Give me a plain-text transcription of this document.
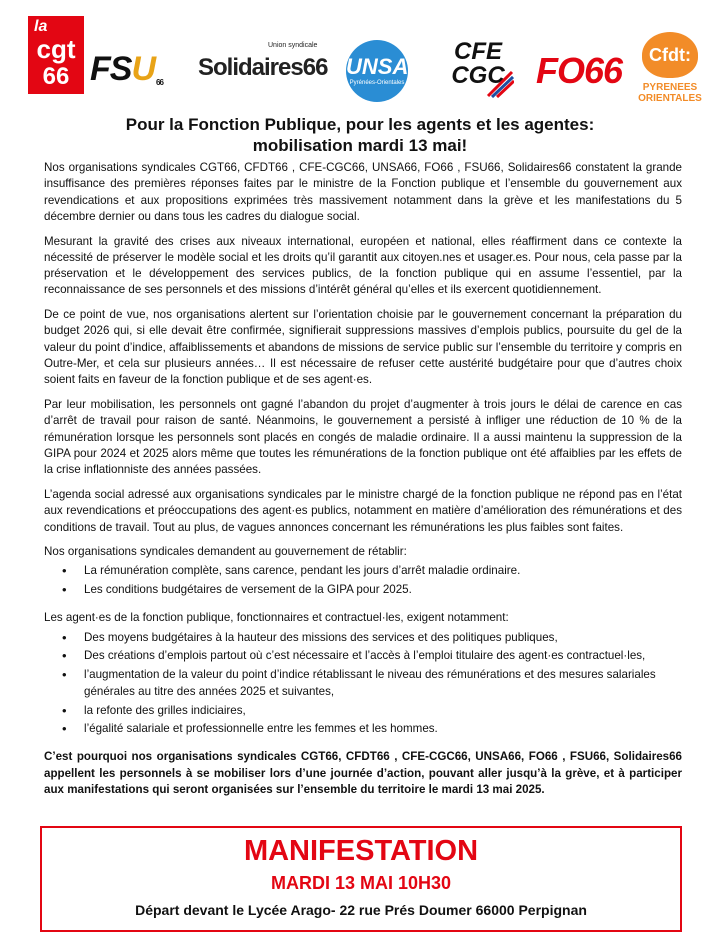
la
cgt
66 FSU 66
Union syndicale
Solidaires66 UNSA
Pyrénées-Orientales
CFE CGC FO66	Cfdt:
PYRENEES ORIENTALES
Pour la Fonction Publique, pour les agents et les agentes:
mobilisation mardi 13 mai!

Nos organisations syndicales CGT66, CFDT66 , CFE-CGC66, UNSA66, FO66 , FSU66, Solidaires66 constatent la grande insuffisance des premières réponses faites par le ministre de la Fonction publique et l’ensemble du gouvernement aux revendications et aux propositions exprimées très massivement notamment dans la grève et les manifestations du 5 décembre dernier ou dans tous les cadres du dialogue social.

Mesurant la gravité des crises aux niveaux international, européen et national, elles réaffirment dans ce contexte la nécessité de préserver le modèle social et les droits qu’il garantit aux citoyen.nes et usager.es. Pour nous, cela passe par la préservation et le développement des services publics, de la fonction publique qui en assume l’essentiel, par la reconnaissance de ses personnels et des missions d’intérêt général qu’elles et ils exercent quotidiennement.

De ce point de vue, nos organisations alertent sur l’orientation choisie par le gouvernement concernant la préparation du budget 2026 qui, si elle devait être confirmée, signifierait suppressions massives d’emplois publics, poursuite du gel de la valeur du point d’indice, affaiblissements et abandons de missions de service public sur l’ensemble du territoire y compris en Outre-Mer, et cela sur plusieurs années… Il est nécessaire de refuser cette austérité budgétaire pour que d’autres choix soient faits en faveur de la fonction publique et de ses agent·es.

Par leur mobilisation, les personnels ont gagné l’abandon du projet d’augmenter à trois jours le délai de carence en cas d’arrêt de travail pour raison de santé. Néanmoins, le gouvernement a persisté à infliger une réduction de 10 % de la rémunération lorsque les personnels sont placés en congés de maladie ordinaire. Il a aussi maintenu la suppression de la GIPA pour 2024 et 2025 alors même que toutes les rémunérations de la fonction publique ont été affaiblies par les effets de la crise inflationniste des années passées.

L’agenda social adressé aux organisations syndicales par le ministre chargé de la fonction publique ne répond pas en l’état aux revendications et préoccupations des agent·es publics, notamment en matière d’amélioration des rémunérations et des conditions de travail. Tout au plus, de vagues annonces concernant les rémunérations les plus faibles sont faites.

Nos organisations syndicales demandent au gouvernement de rétablir:

• La rémunération complète, sans carence, pendant les jours d’arrêt maladie ordinaire.
• Les conditions budgétaires de versement de la GIPA pour 2025.

Les agent·es de la fonction publique, fonctionnaires et contractuel·les, exigent notamment:

• Des moyens budgétaires à la hauteur des missions des services et des politiques publiques,
• Des créations d’emplois partout où c’est nécessaire et l’accès à l’emploi titulaire des agent·es contractuel·les,
• l’augmentation de la valeur du point d’indice rétablissant le niveau des rémunérations et des mesures salariales générales au titre des années 2025 et suivantes,
• la refonte des grilles indiciaires,
• l’égalité salariale et professionnelle entre les femmes et les hommes.

C’est pourquoi nos organisations syndicales CGT66, CFDT66 , CFE-CGC66, UNSA66, FO66 , FSU66, Solidaires66 appellent les personnels à se mobiliser lors d’une journée d’action, pouvant aller jusqu’à la grève, et à participer aux manifestations qui seront organisées sur l’ensemble du territoire le mardi 13 mai 2025.

MANIFESTATION
MARDI 13 MAI 10H30
Départ devant le Lycée Arago- 22 rue Prés Doumer 66000 Perpignan
